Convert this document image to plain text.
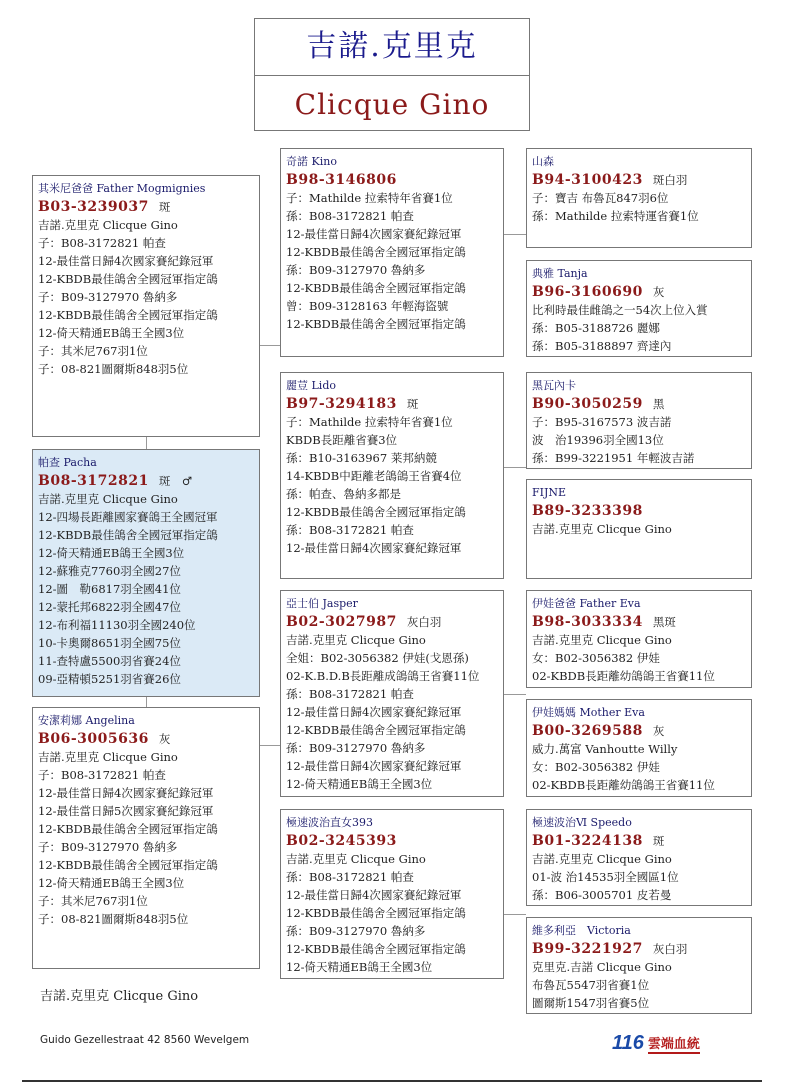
吉諾.克里克
Clicque Gino
其米尼爸爸 Father Mogmignies
B03-3239037 斑
吉諾.克里克 Clicque Gino
子：B08-3172821 帕查
12-最佳當日歸4次國家賽紀錄冠軍
12-KBDB最佳鴿舍全國冠軍指定鴿
子：B09-3127970 魯納多
12-KBDB最佳鴿舍全國冠軍指定鴿
12-倚天精通EB鴿王全國3位
子：其米尼767羽1位
子：08-821圖爾斯848羽5位
帕查 Pacha
B08-3172821 斑　♂
吉諾.克里克 Clicque Gino
12-四場長距離國家賽鴿王全國冠軍
12-KBDB最佳鴿舍全國冠軍指定鴿
12-倚天精通EB鴿王全國3位
12-蘇雅克7760羽全國27位
12-圖　勒6817羽全國41位
12-蒙托邦6822羽全國47位
12-布利福11130羽全國240位
10-卡奧爾8651羽全國75位
11-查特盧5500羽省賽24位
09-亞精頓5251羽省賽26位
安潔莉娜 Angelina
B06-3005636 灰
吉諾.克里克 Clicque Gino
子：B08-3172821 帕查
12-最佳當日歸4次國家賽紀錄冠軍
12-最佳當日歸5次國家賽紀錄冠軍
12-KBDB最佳鴿舍全國冠軍指定鴿
子：B09-3127970 魯納多
12-KBDB最佳鴿舍全國冠軍指定鴿
12-倚天精通EB鴿王全國3位
子：其米尼767羽1位
子：08-821圖爾斯848羽5位
奇諾 Kino
B98-3146806
子：Mathilde 拉索特年省賽1位
孫：B08-3172821 帕查
12-最佳當日歸4次國家賽紀錄冠軍
12-KBDB最佳鴿舍全國冠軍指定鴿
孫：B09-3127970 魯納多
12-KBDB最佳鴿舍全國冠軍指定鴿
曾：B09-3128163 年輕海盜號
12-KBDB最佳鴿舍全國冠軍指定鴿
麗荳 Lido
B97-3294183 斑
子：Mathilde 拉索特年省賽1位
KBDB長距離省賽3位
孫：B10-3163967 莱邦納競
14-KBDB中距離老鴿鴿王省賽4位
孫：帕查、魯納多都是
12-KBDB最佳鴿舍全國冠軍指定鴿
孫：B08-3172821 帕查
12-最佳當日歸4次國家賽紀錄冠軍
亞士伯 Jasper
B02-3027987 灰白羽
吉諾.克里克 Clicque Gino
全姐：B02-3056382 伊娃(戈恩孫)
02-K.B.D.B長距離成鴿鴿王省賽11位
孫：B08-3172821 帕查
12-最佳當日歸4次國家賽紀錄冠軍
12-KBDB最佳鴿舍全國冠軍指定鴿
孫：B09-3127970 魯納多
12-最佳當日歸4次國家賽紀錄冠軍
12-倚天精通EB鴿王全國3位
極速波治直女393
B02-3245393
吉諾.克里克 Clicque Gino
孫：B08-3172821 帕查
12-最佳當日歸4次國家賽紀錄冠軍
12-KBDB最佳鴿舍全國冠軍指定鴿
孫：B09-3127970 魯納多
12-KBDB最佳鴿舍全國冠軍指定鴿
12-倚天精通EB鴿王全國3位
山森
B94-3100423 斑白羽
子：寶吉 布魯瓦847羽6位
孫：Mathilde 拉索特運省賽1位
典雅 Tanja
B96-3160690 灰
比利時最佳雌鴿之一54次上位入賞
孫：B05-3188726 麗娜
孫：B05-3188897 齊達內
黑瓦內卡
B90-3050259 黑
子：B95-3167573 波吉諾
波　治19396羽全國13位
孫：B99-3221951 年輕波吉諾
FIJNE
B89-3233398
吉諾.克里克 Clicque Gino
伊娃爸爸 Father Eva
B98-3033334 黑斑
吉諾.克里克 Clicque Gino
女：B02-3056382 伊娃
02-KBDB長距離幼鴿鴿王省賽11位
伊娃媽媽 Mother Eva
B00-3269588 灰
威力.萬富 Vanhoutte Willy
女：B02-3056382 伊娃
02-KBDB長距離幼鴿鴿王省賽11位
極速波治Ⅵ Speedo
B01-3224138 斑
吉諾.克里克 Clicque Gino
01-波 治14535羽全國區1位
孫：B06-3005701 皮若曼
維多利亞　Victoria
B99-3221927 灰白羽
克里克.吉諾 Clicque Gino
布魯瓦5547羽省賽1位
圖爾斯1547羽省賽5位
吉諾.克里克 Clicque Gino
Guido Gezellestraat 42 8560 Wevelgem	116 雲端血統
